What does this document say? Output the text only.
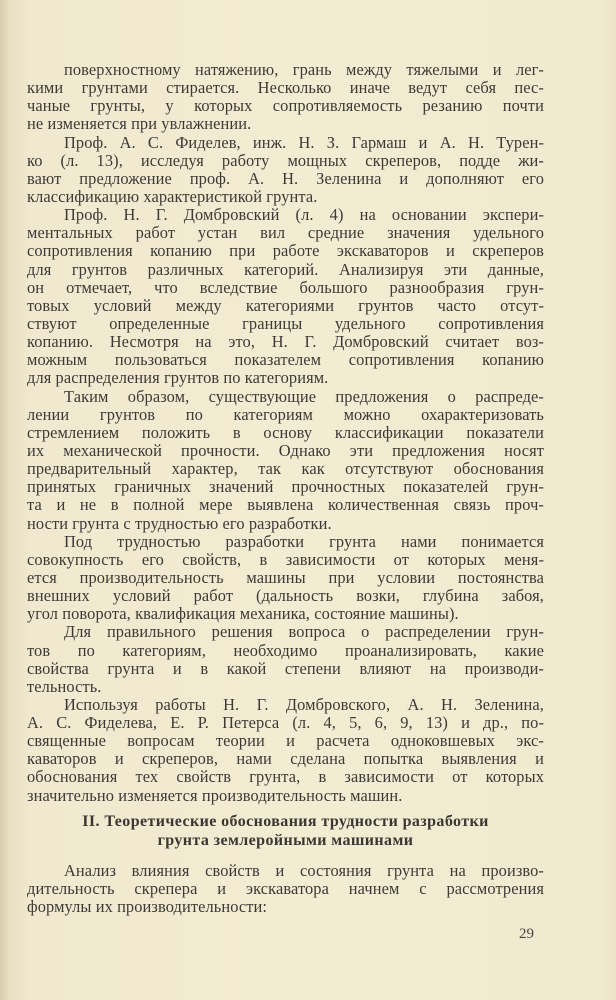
поверхностному натяжению, грань между тяжелыми и лег-
кими грунтами стирается. Несколько иначе ведут себя пес-
чаные грунты, у которых сопротивляемость резанию почти
не изменяется при увлажнении.
Проф. А. С. Фиделев, инж. Н. З. Гармаш и А. Н. Турен-
ко (л. 13), исследуя работу мощных скреперов, подде жи-
вают предложение проф. А. Н. Зеленина и дополняют его
классификацию характеристикой грунта.
Проф. Н. Г. Домбровский (л. 4) на основании экспери-
ментальных работ устан вил средние значения удельного
сопротивления копанию при работе экскаваторов и скреперов
для грунтов различных категорий. Анализируя эти данные,
он отмечает, что вследствие большого разнообразия грун-
товых условий между категориями грунтов часто отсут-
ствуют определенные границы удельного сопротивления
копанию. Несмотря на это, Н. Г. Домбровский считает воз-
можным пользоваться показателем сопротивления копанию
для распределения грунтов по категориям.
Таким образом, существующие предложения о распреде-
лении грунтов по категориям можно охарактеризовать
стремлением положить в основу классификации показатели
их механической прочности. Однако эти предложения носят
предварительный характер, так как отсутствуют обоснования
принятых граничных значений прочностных показателей грун-
та и не в полной мере выявлена количественная связь проч-
ности грунта с трудностью его разработки.
Под трудностью разработки грунта нами понимается
совокупность его свойств, в зависимости от которых меня-
ется производительность машины при условии постоянства
внешних условий работ (дальность возки, глубина забоя,
угол поворота, квалификация механика, состояние машины).
Для правильного решения вопроса о распределении грун-
тов по категориям, необходимо проанализировать, какие
свойства грунта и в какой степени влияют на производи-
тельность.
Используя работы Н. Г. Домбровского, А. Н. Зеленина,
А. С. Фиделева, Е. Р. Петерса (л. 4, 5, 6, 9, 13) и др., по-
священные вопросам теории и расчета одноковшевых экс-
каваторов и скреперов, нами сделана попытка выявления и
обоснования тех свойств грунта, в зависимости от которых
значительно изменяется производительность машин.
II. Теоретические обоснования трудности разработки
грунта землеройными машинами
Анализ влияния свойств и состояния грунта на произво-
дительность скрепера и экскаватора начнем с рассмотрения
формулы их производительности:
29
